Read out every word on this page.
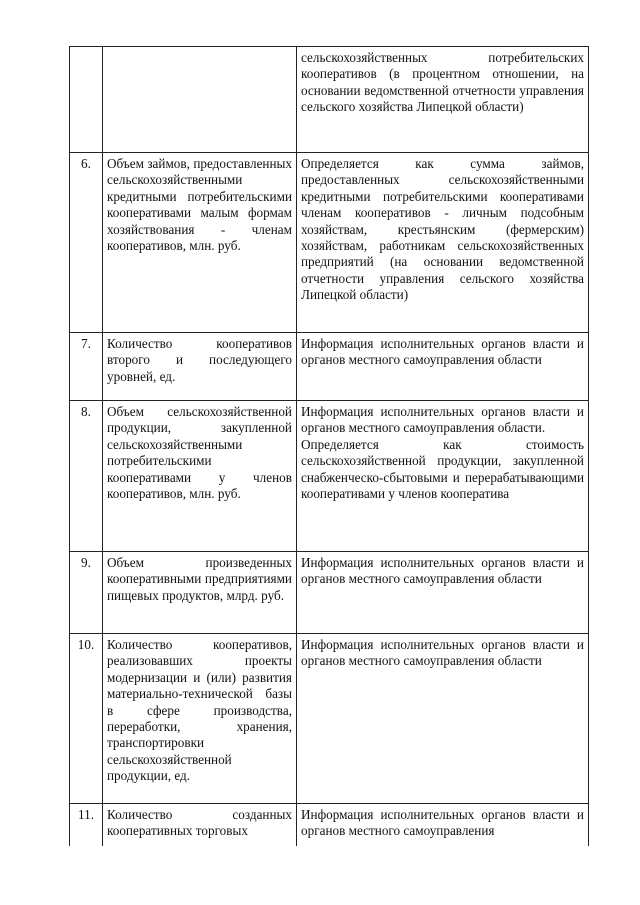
		сельскохозяйственных потребительских кооперативов (в процентном отношении, на основании ведомственной отчетности управления сельского хозяйства Липецкой области)

6.	Объем займов, предоставленных сельскохозяйственными кредитными потребительскими кооперативами малым формам хозяйствования - членам кооперативов, млн. руб.	Определяется как сумма займов, предоставленных сельскохозяйственными кредитными потребительскими кооперативами членам кооперативов - личным подсобным хозяйствам, крестьянским (фермерским) хозяйствам, работникам сельскохозяйственных предприятий (на основании ведомственной отчетности управления сельского хозяйства Липецкой области)

7.	Количество кооперативов второго и последующего уровней, ед.	Информация исполнительных органов власти и органов местного самоуправления области

8.	Объем сельскохозяйственной продукции, закупленной сельскохозяйственными потребительскими кооперативами у членов кооперативов, млн. руб.	Информация исполнительных органов власти и органов местного самоуправления области.
Определяется как стоимость сельскохозяйственной продукции, закупленной снабженческо-сбытовыми и перерабатывающими кооперативами у членов кооператива

9.	Объем произведенных кооперативными предприятиями пищевых продуктов, млрд. руб.	Информация исполнительных органов власти и органов местного самоуправления области

10.	Количество кооперативов, реализовавших проекты модернизации и (или) развития материально-технической базы в сфере производства, переработки, хранения, транспортировки сельскохозяйственной продукции, ед.	Информация исполнительных органов власти и органов местного самоуправления области

11.	Количество созданных кооперативных торговых	Информация исполнительных органов власти и органов местного самоуправления
